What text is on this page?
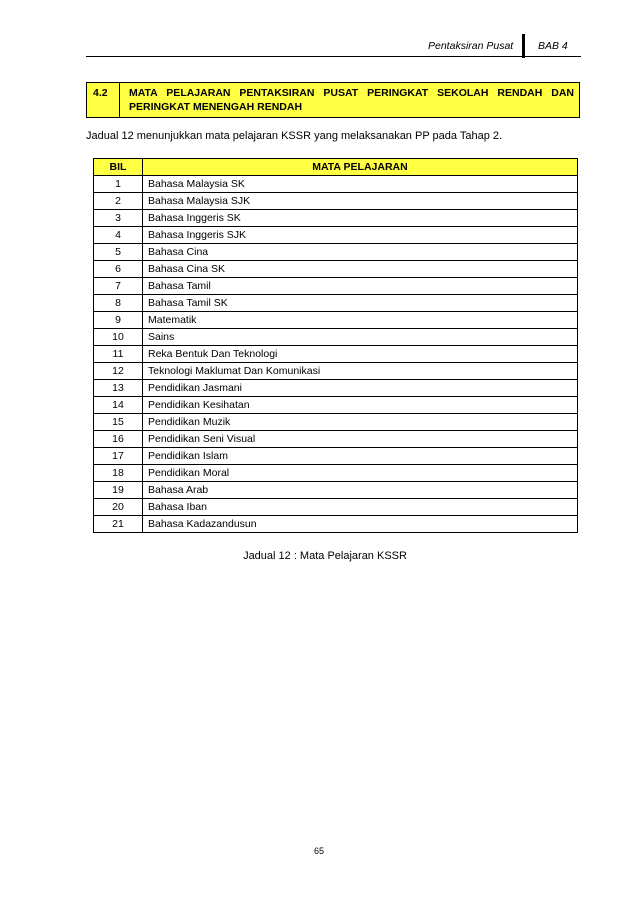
Pentaksiran Pusat BAB 4
4.2 MATA PELAJARAN PENTAKSIRAN PUSAT PERINGKAT SEKOLAH RENDAH DAN PERINGKAT MENENGAH RENDAH
Jadual 12 menunjukkan mata pelajaran KSSR yang melaksanakan PP pada Tahap 2.
BIL	MATA PELAJARAN
1	Bahasa Malaysia SK
2	Bahasa Malaysia SJK
3	Bahasa Inggeris SK
4	Bahasa Inggeris SJK
5	Bahasa Cina
6	Bahasa Cina SK
7	Bahasa Tamil
8	Bahasa Tamil SK
9	Matematik
10	Sains
11	Reka Bentuk Dan Teknologi
12	Teknologi Maklumat Dan Komunikasi
13	Pendidikan Jasmani
14	Pendidikan Kesihatan
15	Pendidikan Muzik
16	Pendidikan Seni Visual
17	Pendidikan Islam
18	Pendidikan Moral
19	Bahasa Arab
20	Bahasa Iban
21	Bahasa Kadazandusun
Jadual 12 : Mata Pelajaran KSSR
65
